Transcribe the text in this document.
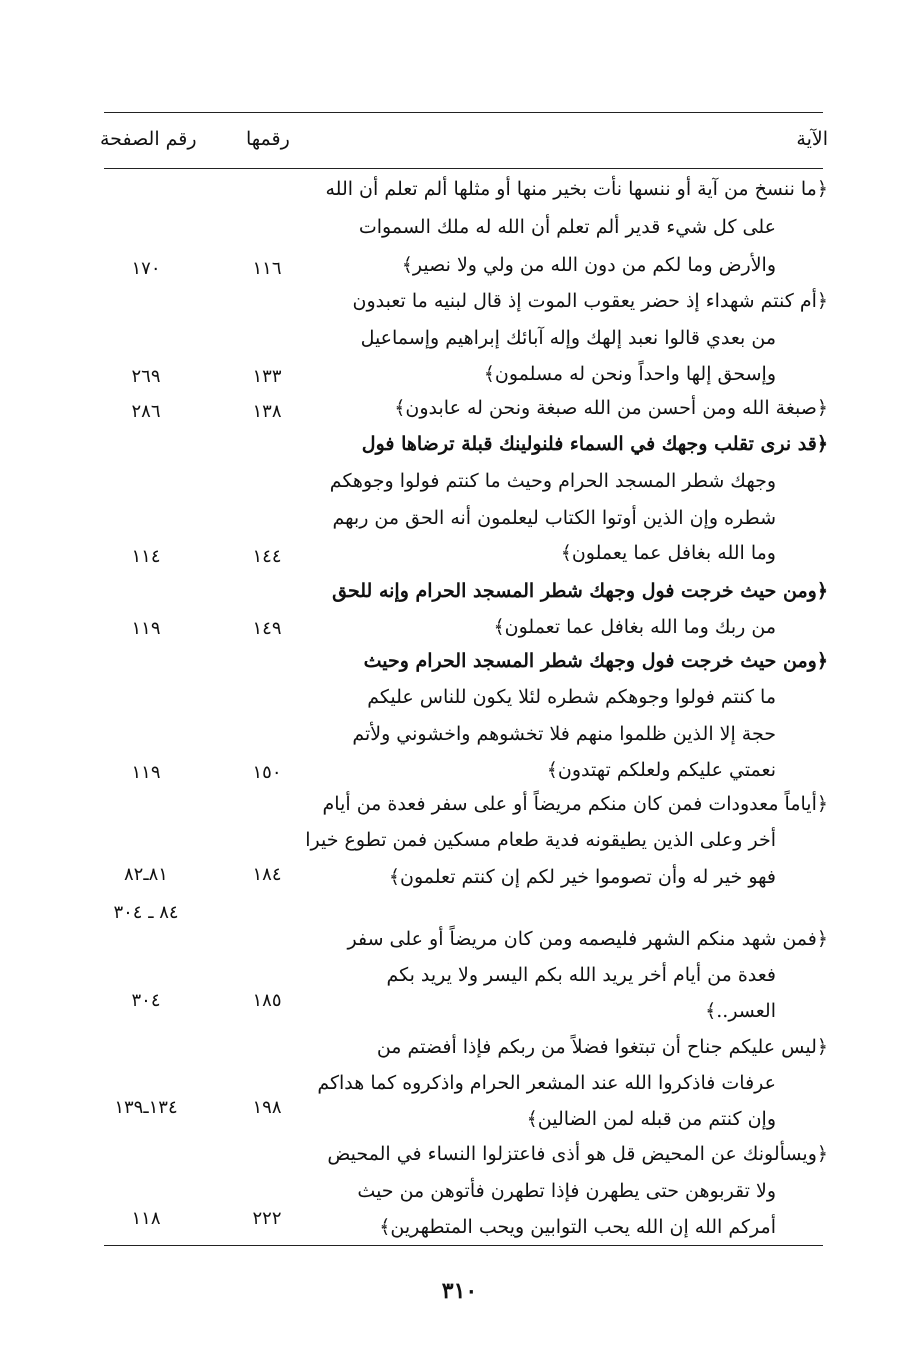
الآية
رقمها
رقم الصفحة
﴿ما ننسخ من آية أو ننسها نأت بخير منها أو مثلها ألم تعلم أن الله
على كل شيء قدير ألم تعلم أن الله له ملك السموات
والأرض وما لكم من دون الله من ولي ولا نصير﴾
﴿أم كنتم شهداء إذ حضر يعقوب الموت إذ قال لبنيه ما تعبدون
من بعدي قالوا نعبد إلهك وإله آبائك إبراهيم وإسماعيل
وإسحق إلها واحداً ونحن له مسلمون﴾
﴿صبغة الله ومن أحسن من الله صبغة ونحن له عابدون﴾
﴿قد نرى تقلب وجهك في السماء فلنولينك قبلة ترضاها فول
وجهك شطر المسجد الحرام وحيث ما كنتم فولوا وجوهكم
شطره وإن الذين أوتوا الكتاب ليعلمون أنه الحق من ربهم
وما الله بغافل عما يعملون﴾
﴿ومن حيث خرجت فول وجهك شطر المسجد الحرام وإنه للحق
من ربك وما الله بغافل عما تعملون﴾
﴿ومن حيث خرجت فول وجهك شطر المسجد الحرام وحيث
ما كنتم فولوا وجوهكم شطره لئلا يكون للناس عليكم
حجة إلا الذين ظلموا منهم فلا تخشوهم واخشوني ولأتم
نعمتي عليكم ولعلكم تهتدون﴾
﴿أياماً معدودات فمن كان منكم مريضاً أو على سفر فعدة من أيام
أخر وعلى الذين يطيقونه فدية طعام مسكين فمن تطوع خيرا
فهو خير له وأن تصوموا خير لكم إن كنتم تعلمون﴾
﴿فمن شهد منكم الشهر فليصمه ومن كان مريضاً أو على سفر
فعدة من أيام أخر يريد الله بكم اليسر ولا يريد بكم
العسر..﴾
﴿ليس عليكم جناح أن تبتغوا فضلاً من ربكم فإذا أفضتم من
عرفات فاذكروا الله عند المشعر الحرام واذكروه كما هداكم
وإن كنتم من قبله لمن الضالين﴾
﴿ويسألونك عن المحيض قل هو أذى فاعتزلوا النساء في المحيض
ولا تقربوهن حتى يطهرن فإذا تطهرن فأتوهن من حيث
أمركم الله إن الله يحب التوابين ويحب المتطهرين﴾
١١٦
١٧٠
١٣٣
٢٦٩
١٣٨
٢٨٦
١٤٤
١١٤
١٤٩
١١٩
١٥٠
١١٩
١٨٤
٨١ـ٨٢
٨٤ ـ ٣٠٤
١٨٥
٣٠٤
١٩٨
١٣٤ـ١٣٩
٢٢٢
١١٨
٣١٠
